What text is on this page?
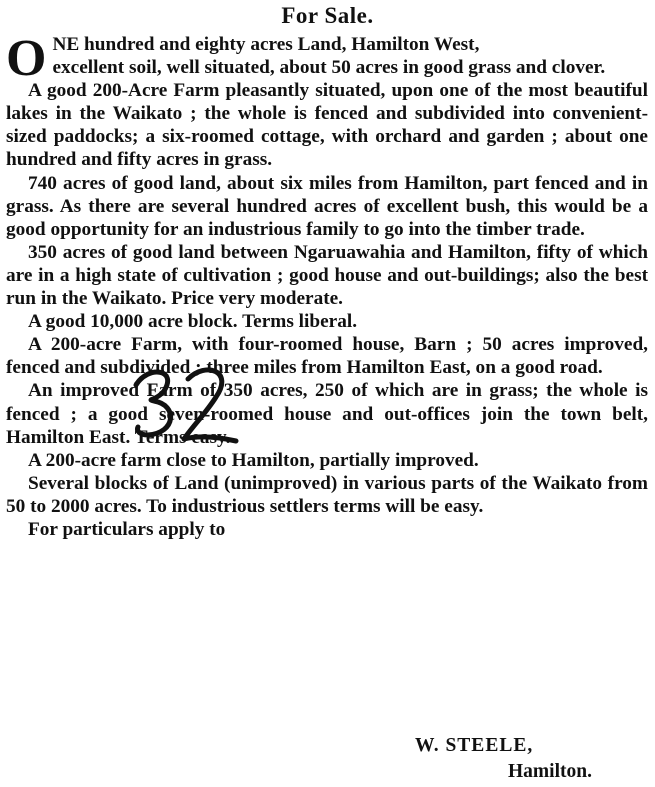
For Sale.

O NE hundred and eighty acres Land, Hamilton West,
excellent soil, well situated, about 50 acres in good grass and clover.

A good 200-Acre Farm pleasantly situated, upon one of the most beautiful lakes in the Waikato ; the whole is fenced and subdivided into convenient-sized paddocks; a six-roomed cottage, with orchard and garden ; about one hundred and fifty acres in grass.

740 acres of good land, about six miles from Hamilton, part fenced and in grass. As there are several hundred acres of excellent bush, this would be a good opportunity for an industrious family to go into the timber trade.

350 acres of good land between Ngaruawahia and Hamilton, fifty of which are in a high state of cultivation ; good house and out-buildings; also the best run in the Waikato. Price very moderate.

A good 10,000 acre block. Terms liberal.

A 200-acre Farm, with four-roomed house, Barn ; 50 acres improved, fenced and subdivided ; three miles from Hamilton East, on a good road.

An improved Farm of 350 acres, 250 of which are in grass; the whole is fenced ; a good seven-roomed house and out-offices join the town belt, Hamilton East. Terms easy.

A 200-acre farm close to Hamilton, partially improved.

Several blocks of Land (unimproved) in various parts of the Waikato from 50 to 2000 acres. To industrious settlers terms will be easy.

For particulars apply to

W. STEELE,
Hamilton.
